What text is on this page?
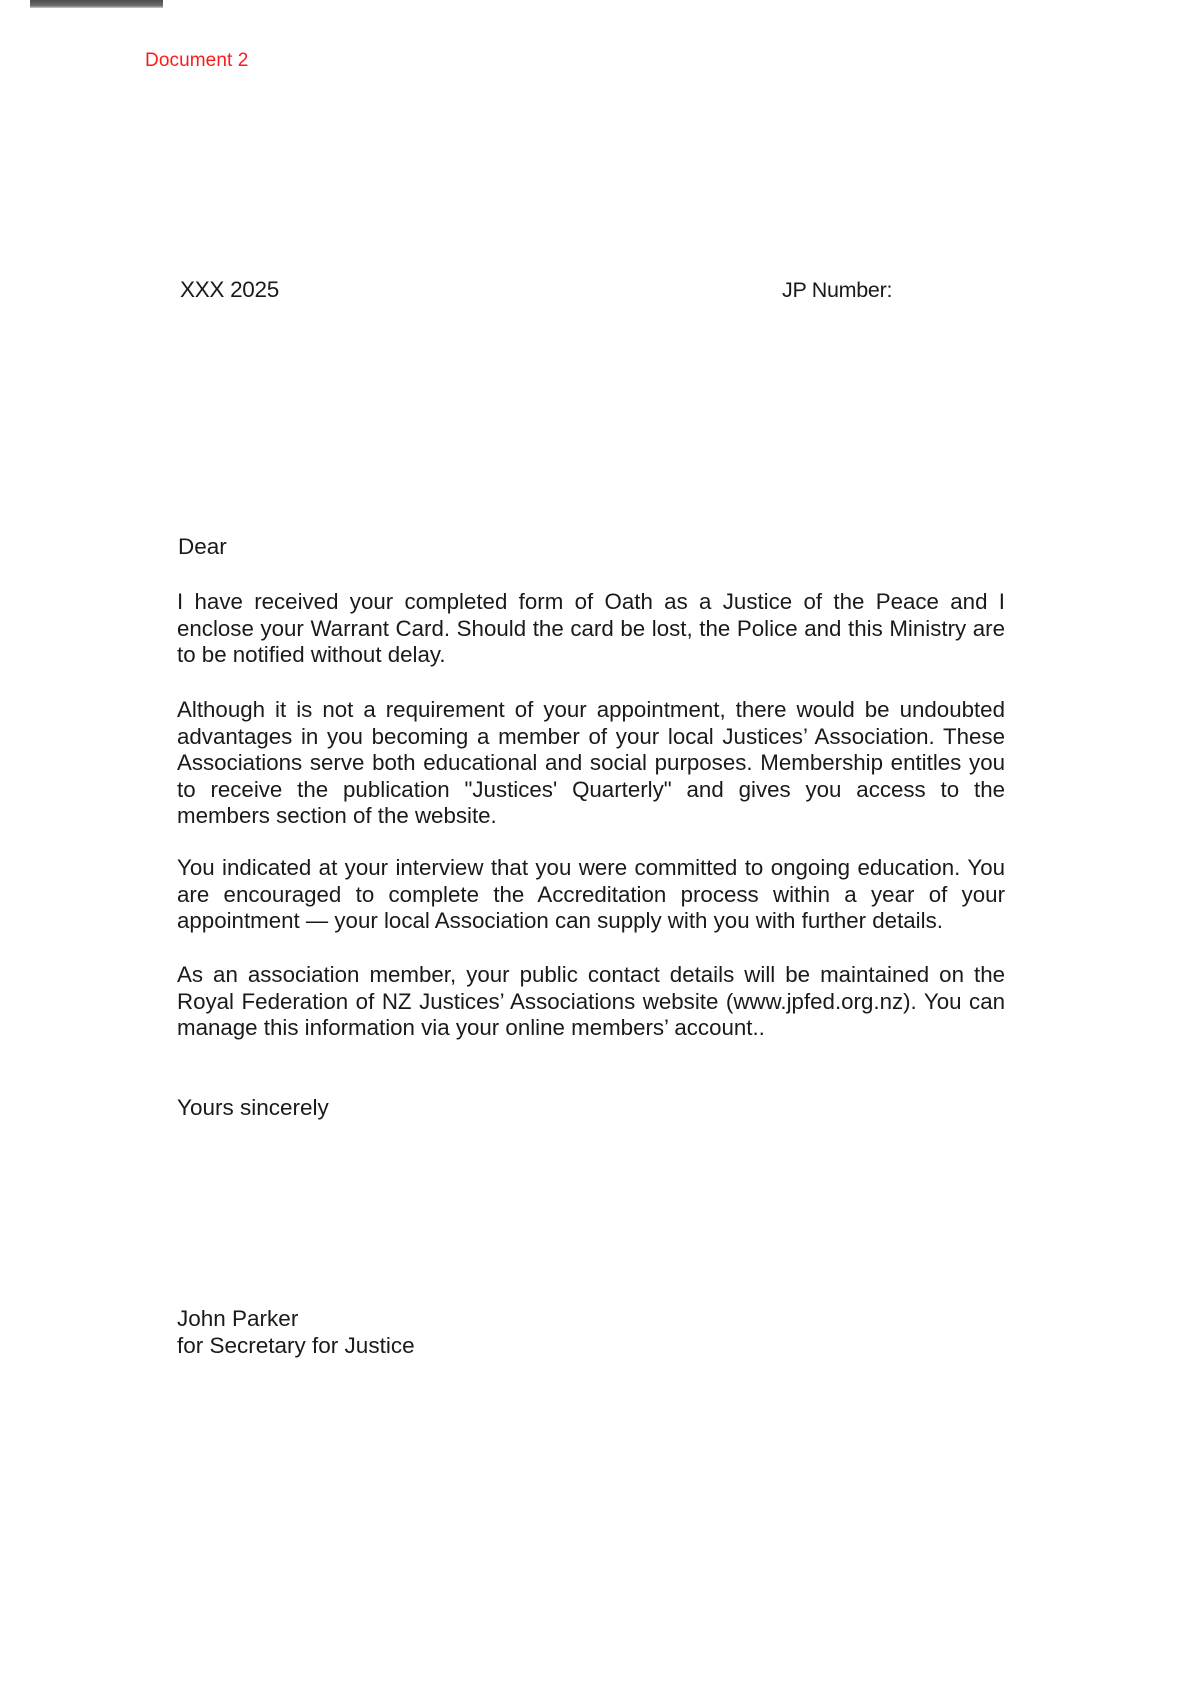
Document 2
XXX 2025	JP Number:
Dear

I have received your completed form of Oath as a Justice of the Peace and I enclose your Warrant Card. Should the card be lost, the Police and this Ministry are to be notified without delay.

Although it is not a requirement of your appointment, there would be undoubted advantages in you becoming a member of your local Justices’ Association. These Associations serve both educational and social purposes. Membership entitles you to receive the publication "Justices' Quarterly" and gives you access to the members section of the website.

You indicated at your interview that you were committed to ongoing education. You are encouraged to complete the Accreditation process within a year of your appointment — your local Association can supply with you with further details.

As an association member, your public contact details will be maintained on the Royal Federation of NZ Justices’ Associations website (www.jpfed.org.nz). You can manage this information via your online members’ account..

Yours sincerely
John Parker
for Secretary for Justice
